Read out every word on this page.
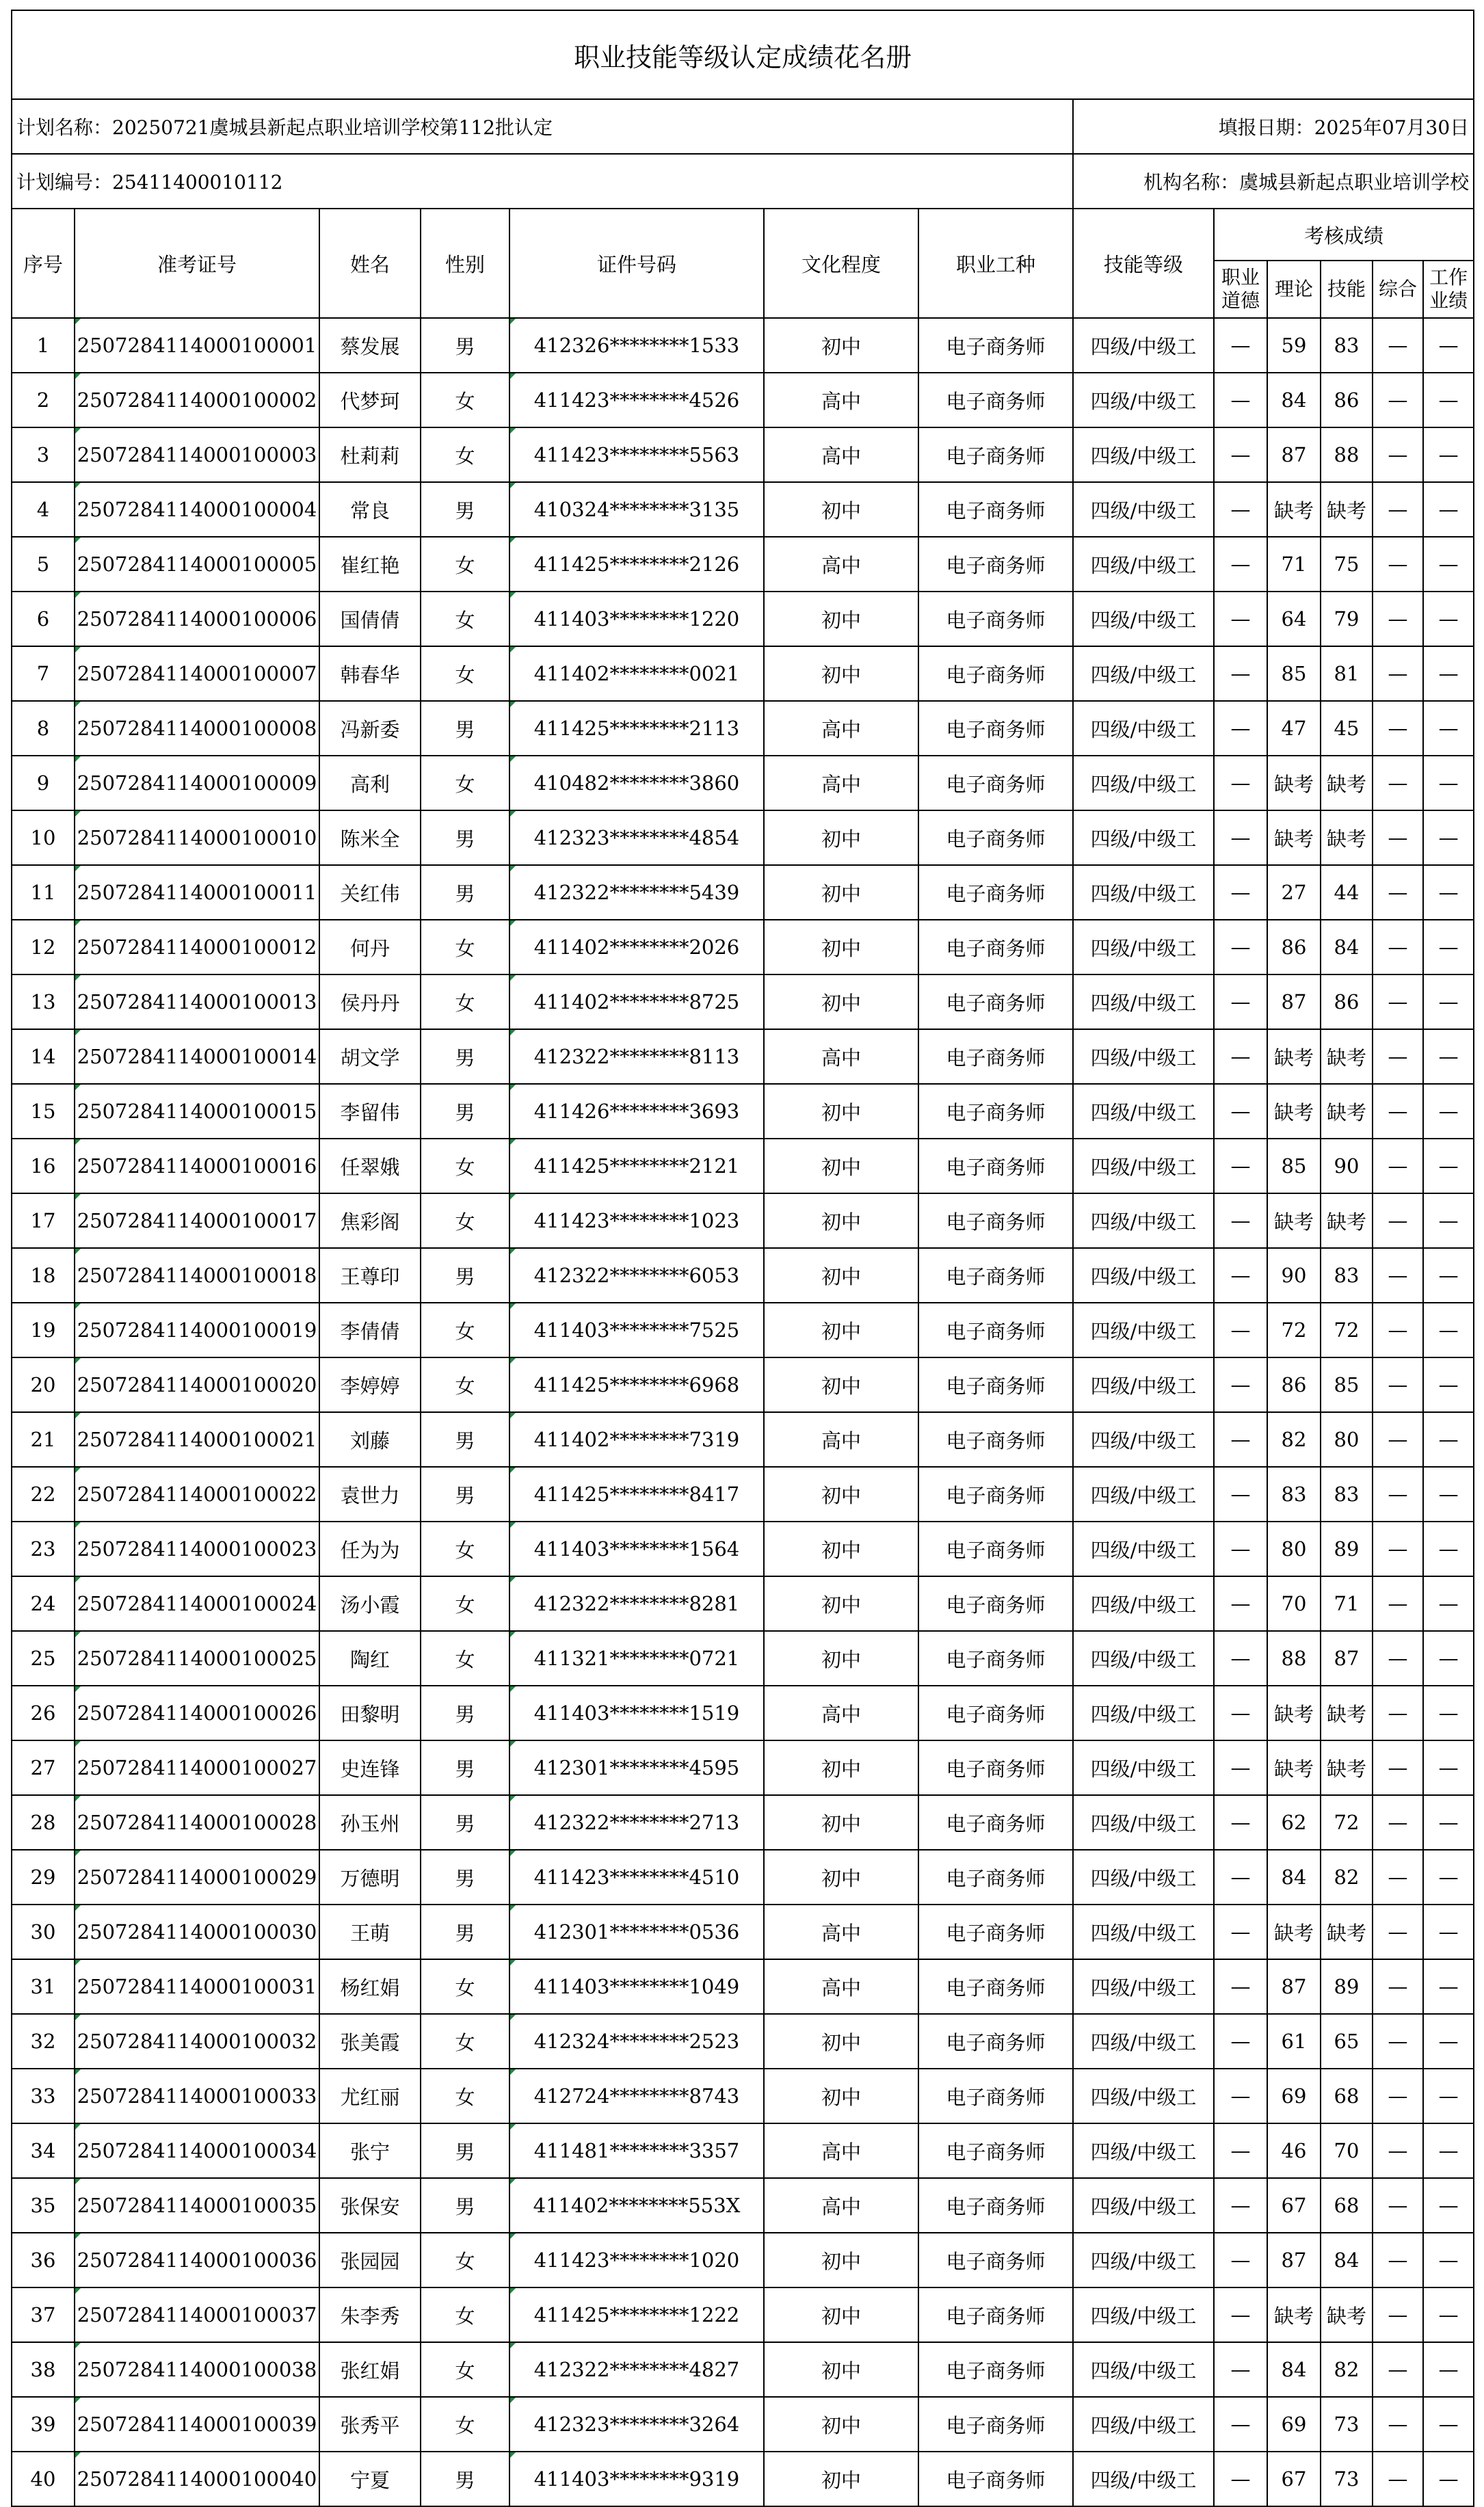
职业技能等级认定成绩花名册												
计划名称：20250721虞城县新起点职业培训学校第112批认定							填报日期：2025年07月30日					
计划编号：25411400010112							机构名称：虞城县新起点职业培训学校					
序号	准考证号	姓名	性别	证件号码	文化程度	职业工种	技能等级	考核成绩				
								职业道德	理论	技能	综合	工作业绩
1	2507284114000100001	蔡发展	男	412326********1533	初中	电子商务师	四级/中级工	—	59	83	—	—
2	2507284114000100002	代梦珂	女	411423********4526	高中	电子商务师	四级/中级工	—	84	86	—	—
3	2507284114000100003	杜莉莉	女	411423********5563	高中	电子商务师	四级/中级工	—	87	88	—	—
4	2507284114000100004	常良	男	410324********3135	初中	电子商务师	四级/中级工	—	缺考	缺考	—	—
5	2507284114000100005	崔红艳	女	411425********2126	高中	电子商务师	四级/中级工	—	71	75	—	—
6	2507284114000100006	国倩倩	女	411403********1220	初中	电子商务师	四级/中级工	—	64	79	—	—
7	2507284114000100007	韩春华	女	411402********0021	初中	电子商务师	四级/中级工	—	85	81	—	—
8	2507284114000100008	冯新委	男	411425********2113	高中	电子商务师	四级/中级工	—	47	45	—	—
9	2507284114000100009	高利	女	410482********3860	高中	电子商务师	四级/中级工	—	缺考	缺考	—	—
10	2507284114000100010	陈米全	男	412323********4854	初中	电子商务师	四级/中级工	—	缺考	缺考	—	—
11	2507284114000100011	关红伟	男	412322********5439	初中	电子商务师	四级/中级工	—	27	44	—	—
12	2507284114000100012	何丹	女	411402********2026	初中	电子商务师	四级/中级工	—	86	84	—	—
13	2507284114000100013	侯丹丹	女	411402********8725	初中	电子商务师	四级/中级工	—	87	86	—	—
14	2507284114000100014	胡文学	男	412322********8113	高中	电子商务师	四级/中级工	—	缺考	缺考	—	—
15	2507284114000100015	李留伟	男	411426********3693	初中	电子商务师	四级/中级工	—	缺考	缺考	—	—
16	2507284114000100016	任翠娥	女	411425********2121	初中	电子商务师	四级/中级工	—	85	90	—	—
17	2507284114000100017	焦彩阁	女	411423********1023	初中	电子商务师	四级/中级工	—	缺考	缺考	—	—
18	2507284114000100018	王尊印	男	412322********6053	初中	电子商务师	四级/中级工	—	90	83	—	—
19	2507284114000100019	李倩倩	女	411403********7525	初中	电子商务师	四级/中级工	—	72	72	—	—
20	2507284114000100020	李婷婷	女	411425********6968	初中	电子商务师	四级/中级工	—	86	85	—	—
21	2507284114000100021	刘藤	男	411402********7319	高中	电子商务师	四级/中级工	—	82	80	—	—
22	2507284114000100022	袁世力	男	411425********8417	初中	电子商务师	四级/中级工	—	83	83	—	—
23	2507284114000100023	任为为	女	411403********1564	初中	电子商务师	四级/中级工	—	80	89	—	—
24	2507284114000100024	汤小霞	女	412322********8281	初中	电子商务师	四级/中级工	—	70	71	—	—
25	2507284114000100025	陶红	女	411321********0721	初中	电子商务师	四级/中级工	—	88	87	—	—
26	2507284114000100026	田黎明	男	411403********1519	高中	电子商务师	四级/中级工	—	缺考	缺考	—	—
27	2507284114000100027	史连锋	男	412301********4595	初中	电子商务师	四级/中级工	—	缺考	缺考	—	—
28	2507284114000100028	孙玉州	男	412322********2713	初中	电子商务师	四级/中级工	—	62	72	—	—
29	2507284114000100029	万德明	男	411423********4510	初中	电子商务师	四级/中级工	—	84	82	—	—
30	2507284114000100030	王萌	男	412301********0536	高中	电子商务师	四级/中级工	—	缺考	缺考	—	—
31	2507284114000100031	杨红娟	女	411403********1049	高中	电子商务师	四级/中级工	—	87	89	—	—
32	2507284114000100032	张美霞	女	412324********2523	初中	电子商务师	四级/中级工	—	61	65	—	—
33	2507284114000100033	尤红丽	女	412724********8743	初中	电子商务师	四级/中级工	—	69	68	—	—
34	2507284114000100034	张宁	男	411481********3357	高中	电子商务师	四级/中级工	—	46	70	—	—
35	2507284114000100035	张保安	男	411402********553X	高中	电子商务师	四级/中级工	—	67	68	—	—
36	2507284114000100036	张园园	女	411423********1020	初中	电子商务师	四级/中级工	—	87	84	—	—
37	2507284114000100037	朱李秀	女	411425********1222	初中	电子商务师	四级/中级工	—	缺考	缺考	—	—
38	2507284114000100038	张红娟	女	412322********4827	初中	电子商务师	四级/中级工	—	84	82	—	—
39	2507284114000100039	张秀平	女	412323********3264	初中	电子商务师	四级/中级工	—	69	73	—	—
40	2507284114000100040	宁夏	男	411403********9319	初中	电子商务师	四级/中级工	—	67	73	—	—
